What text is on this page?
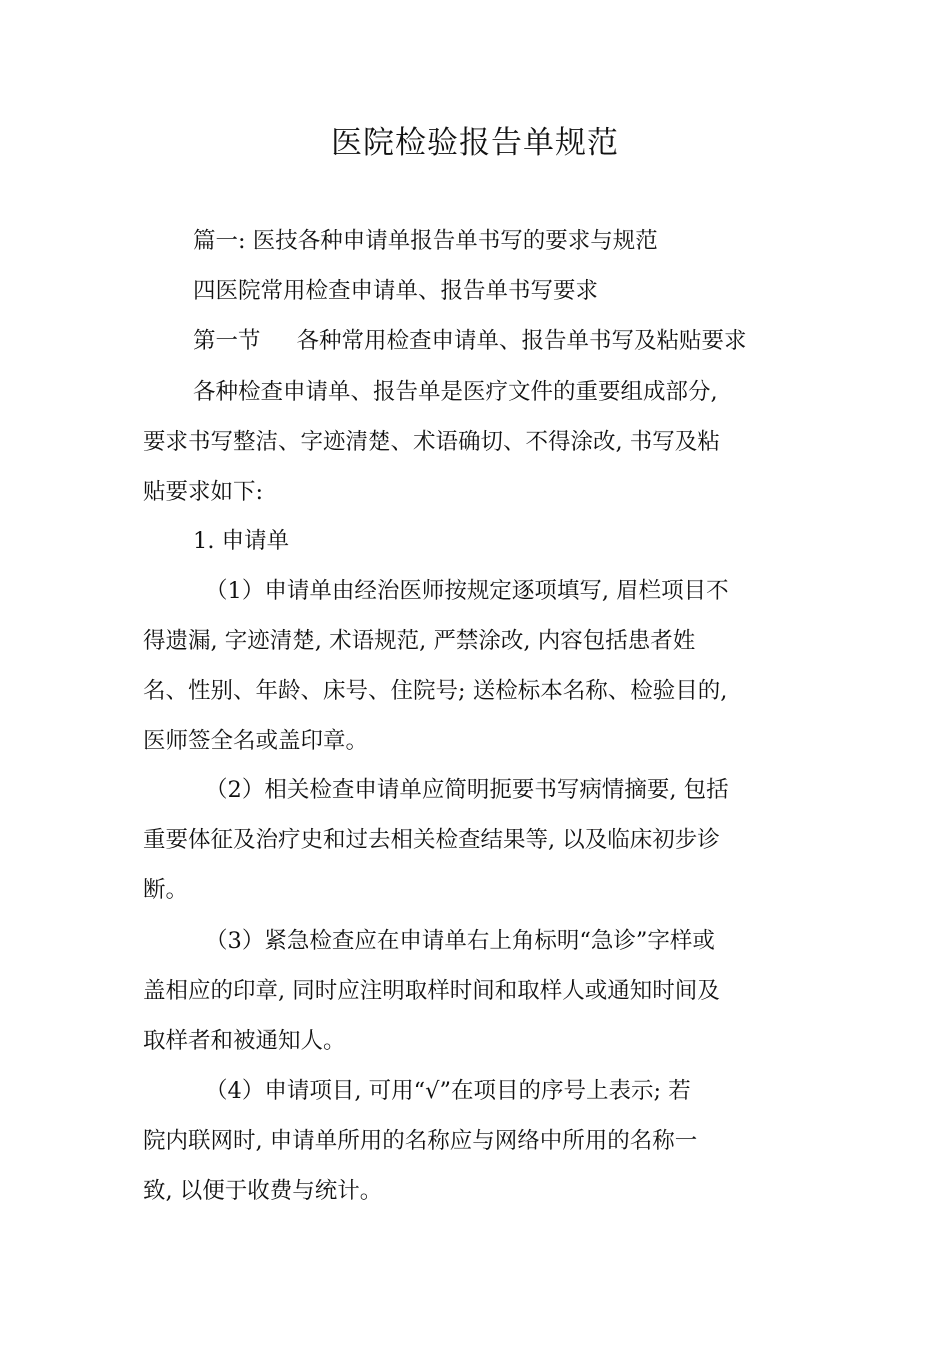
医院检验报告单规范
篇一: 医技各种申请单报告单书写的要求与规范
四医院常用检查申请单、报告单书写要求
第一节 各种常用检查申请单、报告单书写及粘贴要求
各种检查申请单、报告单是医疗文件的重要组成部分,
要求书写整洁、字迹清楚、术语确切、不得涂改, 书写及粘
贴要求如下:
1. 申请单
（1）申请单由经治医师按规定逐项填写, 眉栏项目不
得遗漏, 字迹清楚, 术语规范, 严禁涂改, 内容包括患者姓
名、性别、年龄、床号、住院号; 送检标本名称、检验目的,
医师签全名或盖印章。
（2）相关检查申请单应简明扼要书写病情摘要, 包括
重要体征及治疗史和过去相关检查结果等, 以及临床初步诊
断。
（3）紧急检查应在申请单右上角标明“急诊”字样或
盖相应的印章, 同时应注明取样时间和取样人或通知时间及
取样者和被通知人。
（4）申请项目, 可用“√”在项目的序号上表示; 若
院内联网时, 申请单所用的名称应与网络中所用的名称一
致, 以便于收费与统计。
